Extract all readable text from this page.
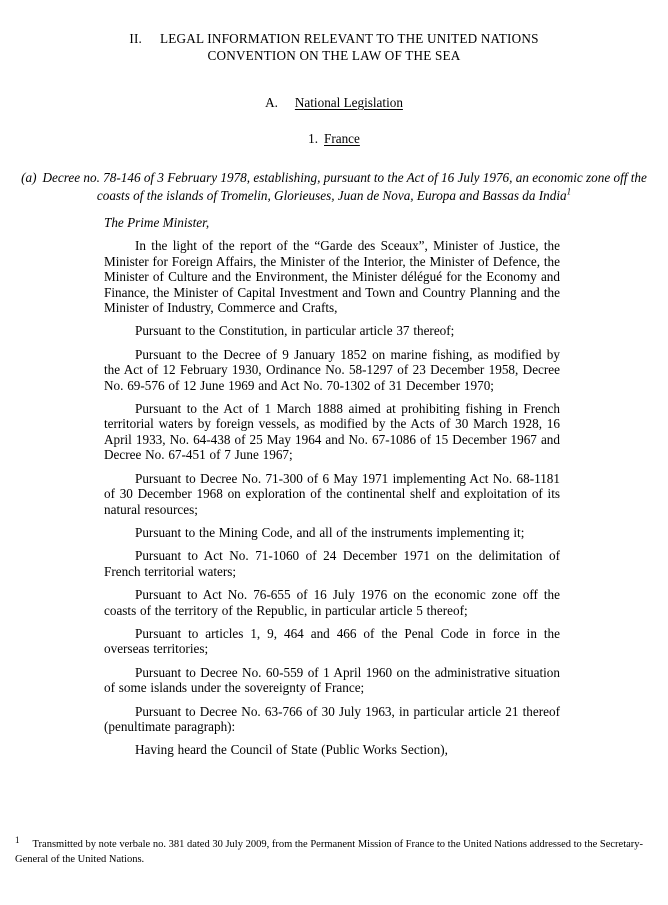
II. LEGAL INFORMATION RELEVANT TO THE UNITED NATIONS
CONVENTION ON THE LAW OF THE SEA
A. National Legislation
1. France
(a) Decree no. 78-146 of 3 February 1978, establishing, pursuant to the Act of 16 July 1976, an economic zone off the coasts of the islands of Tromelin, Glorieuses, Juan de Nova, Europa and Bassas da India$^1$

The Prime Minister,

In the light of the report of the “Garde des Sceaux”, Minister of Justice, the Minister for Foreign Affairs, the Minister of the Interior, the Minister of Defence, the Minister of Culture and the Environment, the Minister délégué for the Economy and Finance, the Minister of Capital Investment and Town and Country Planning and the Minister of Industry, Commerce and Crafts,

Pursuant to the Constitution, in particular article 37 thereof;

Pursuant to the Decree of 9 January 1852 on marine fishing, as modified by the Act of 12 February 1930, Ordinance No. 58-1297 of 23 December 1958, Decree No. 69-576 of 12 June 1969 and Act No. 70-1302 of 31 December 1970;

Pursuant to the Act of 1 March 1888 aimed at prohibiting fishing in French territorial waters by foreign vessels, as modified by the Acts of 30 March 1928, 16 April 1933, No. 64-438 of 25 May 1964 and No. 67-1086 of 15 December 1967 and Decree No. 67-451 of 7 June 1967;

Pursuant to Decree No. 71-300 of 6 May 1971 implementing Act No. 68-1181 of 30 December 1968 on exploration of the continental shelf and exploitation of its natural resources;

Pursuant to the Mining Code, and all of the instruments implementing it;

Pursuant to Act No. 71-1060 of 24 December 1971 on the delimitation of French territorial waters;

Pursuant to Act No. 76-655 of 16 July 1976 on the economic zone off the coasts of the territory of the Republic, in particular article 5 thereof;

Pursuant to articles 1, 9, 464 and 466 of the Penal Code in force in the overseas territories;

Pursuant to Decree No. 60-559 of 1 April 1960 on the administrative situation of some islands under the sovereignty of France;

Pursuant to Decree No. 63-766 of 30 July 1963, in particular article 21 thereof (penultimate paragraph):

Having heard the Council of State (Public Works Section),

$^1$ Transmitted by note verbale no. 381 dated 30 July 2009, from the Permanent Mission of France to the United Nations addressed to the Secretary-General of the United Nations.
